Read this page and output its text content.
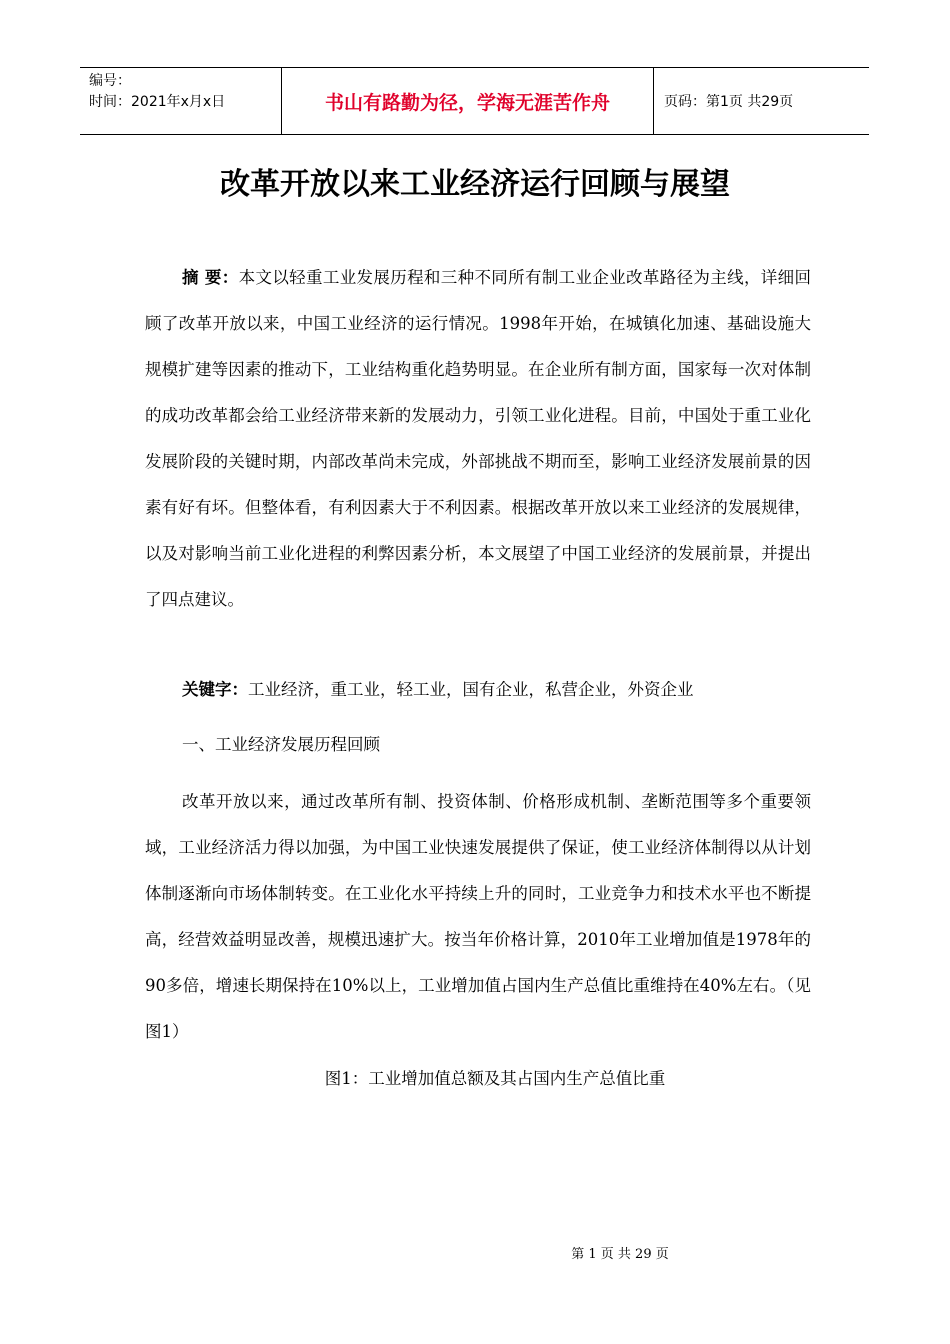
编号：
时间：2021年x月x日	书山有路勤为径，学海无涯苦作舟	页码：第1页 共29页
改革开放以来工业经济运行回顾与展望

摘 要：本文以轻重工业发展历程和三种不同所有制工业企业改革路径为主线，详细回顾了改革开放以来，中国工业经济的运行情况。1998年开始，在城镇化加速、基础设施大规模扩建等因素的推动下，工业结构重化趋势明显。在企业所有制方面，国家每一次对体制的成功改革都会给工业经济带来新的发展动力，引领工业化进程。目前，中国处于重工业化发展阶段的关键时期，内部改革尚未完成，外部挑战不期而至，影响工业经济发展前景的因素有好有坏。但整体看，有利因素大于不利因素。根据改革开放以来工业经济的发展规律，以及对影响当前工业化进程的利弊因素分析，本文展望了中国工业经济的发展前景，并提出了四点建议。

关键字：工业经济，重工业，轻工业，国有企业，私营企业，外资企业

一、工业经济发展历程回顾

改革开放以来，通过改革所有制、投资体制、价格形成机制、垄断范围等多个重要领域，工业经济活力得以加强，为中国工业快速发展提供了保证，使工业经济体制得以从计划体制逐渐向市场体制转变。在工业化水平持续上升的同时，工业竞争力和技术水平也不断提高，经营效益明显改善，规模迅速扩大。按当年价格计算，2010年工业增加值是1978年的90多倍，增速长期保持在10%以上，工业增加值占国内生产总值比重维持在40%左右。（见图1）

图1：工业增加值总额及其占国内生产总值比重
第 1 页 共 29 页
